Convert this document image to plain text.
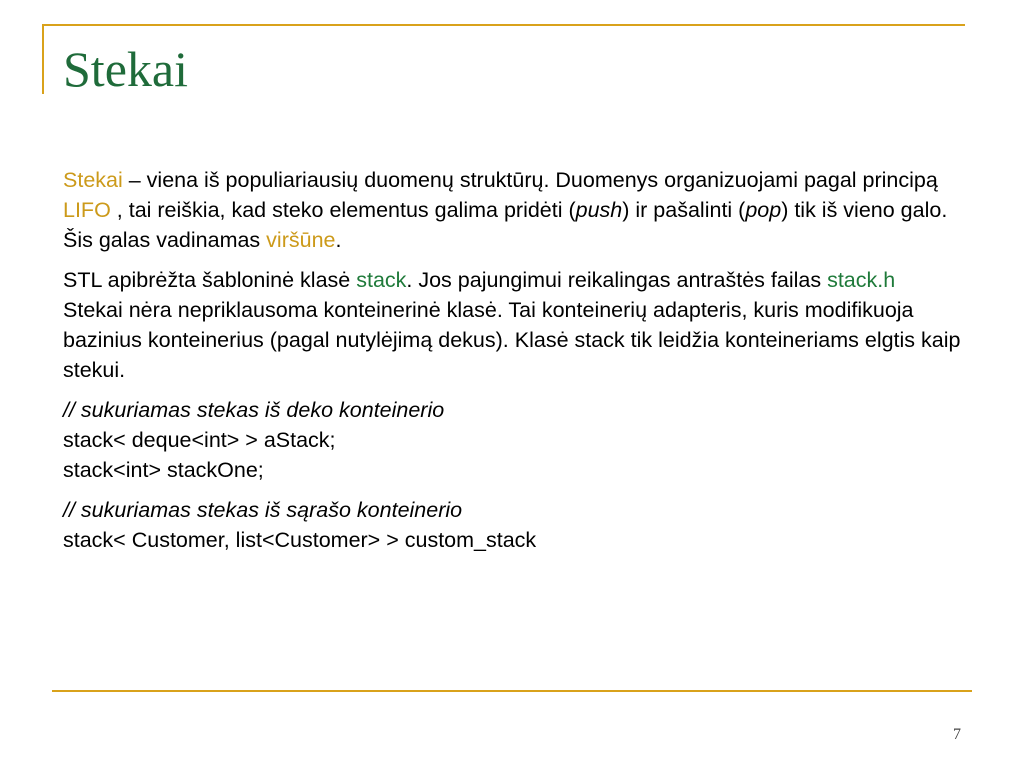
Stekai

Stekai – viena iš populiariausių duomenų struktūrų. Duomenys organizuojami pagal principą LIFO , tai reiškia, kad steko elementus galima pridėti (push) ir pašalinti (pop) tik iš vieno galo. Šis galas vadinamas viršūne.

STL apibrėžta šabloninė klasė stack. Jos pajungimui reikalingas antraštės failas stack.h
Stekai nėra nepriklausoma konteinerinė klasė. Tai konteinerių adapteris, kuris modifikuoja bazinius konteinerius (pagal nutylėjimą dekus). Klasė stack tik leidžia konteineriams elgtis kaip stekui.

// sukuriamas stekas iš deko konteinerio
stack< deque<int> > aStack;
stack<int> stackOne;

// sukuriamas stekas iš sąrašo konteinerio
stack< Customer, list<Customer> > custom_stack

7
